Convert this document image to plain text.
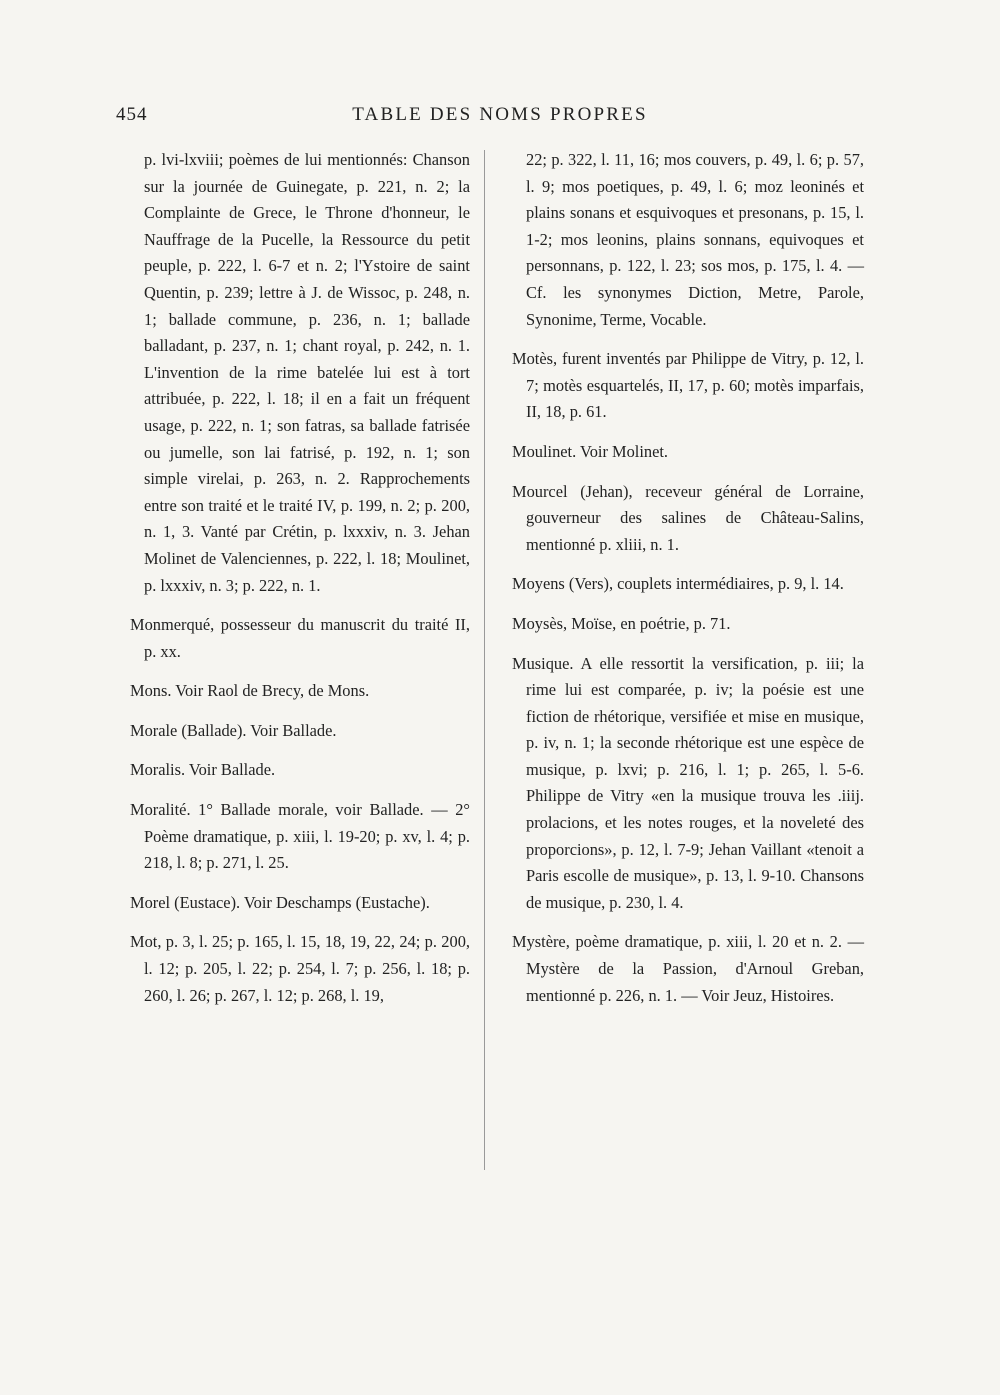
454	TABLE DES NOMS PROPRES

p. lvi-lxviii; poèmes de lui mentionnés: Chanson sur la journée de Guinegate, p. 221, n. 2; la Complainte de Grece, le Throne d'honneur, le Nauffrage de la Pucelle, la Ressource du petit peuple, p. 222, l. 6-7 et n. 2; l'Ystoire de saint Quentin, p. 239; lettre à J. de Wissoc, p. 248, n. 1; ballade commune, p. 236, n. 1; ballade balladant, p. 237, n. 1; chant royal, p. 242, n. 1. L'invention de la rime batelée lui est à tort attribuée, p. 222, l. 18; il en a fait un fréquent usage, p. 222, n. 1; son fatras, sa ballade fatrisée ou jumelle, son lai fatrisé, p. 192, n. 1; son simple virelai, p. 263, n. 2. Rapprochements entre son traité et le traité IV, p. 199, n. 2; p. 200, n. 1, 3. Vanté par Crétin, p. lxxxiv, n. 3. Jehan Molinet de Valenciennes, p. 222, l. 18; Moulinet, p. lxxxiv, n. 3; p. 222, n. 1.

Monmerqué, possesseur du manuscrit du traité II, p. xx.

Mons. Voir Raol de Brecy, de Mons.

Morale (Ballade). Voir Ballade.

Moralis. Voir Ballade.

Moralité. 1° Ballade morale, voir Ballade. — 2° Poème dramatique, p. xiii, l. 19-20; p. xv, l. 4; p. 218, l. 8; p. 271, l. 25.

Morel (Eustace). Voir Deschamps (Eustache).

Mot, p. 3, l. 25; p. 165, l. 15, 18, 19, 22, 24; p. 200, l. 12; p. 205, l. 22; p. 254, l. 7; p. 256, l. 18; p. 260, l. 26; p. 267, l. 12; p. 268, l. 19,

22; p. 322, l. 11, 16; mos couvers, p. 49, l. 6; p. 57, l. 9; mos poetiques, p. 49, l. 6; moz leoninés et plains sonans et esquivoques et presonans, p. 15, l. 1-2; mos leonins, plains sonnans, equivoques et personnans, p. 122, l. 23; sos mos, p. 175, l. 4. — Cf. les synonymes Diction, Metre, Parole, Synonime, Terme, Vocable.

Motès, furent inventés par Philippe de Vitry, p. 12, l. 7; motès esquartelés, II, 17, p. 60; motès imparfais, II, 18, p. 61.

Moulinet. Voir Molinet.

Mourcel (Jehan), receveur général de Lorraine, gouverneur des salines de Château-Salins, mentionné p. xliii, n. 1.

Moyens (Vers), couplets intermédiaires, p. 9, l. 14.

Moysès, Moïse, en poétrie, p. 71.

Musique. A elle ressortit la versification, p. iii; la rime lui est comparée, p. iv; la poésie est une fiction de rhétorique, versifiée et mise en musique, p. iv, n. 1; la seconde rhétorique est une espèce de musique, p. lxvi; p. 216, l. 1; p. 265, l. 5-6. Philippe de Vitry «en la musique trouva les .iiij. prolacions, et les notes rouges, et la noveleté des proporcions», p. 12, l. 7-9; Jehan Vaillant «tenoit a Paris escolle de musique», p. 13, l. 9-10. Chansons de musique, p. 230, l. 4.

Mystère, poème dramatique, p. xiii, l. 20 et n. 2. — Mystère de la Passion, d'Arnoul Greban, mentionné p. 226, n. 1. — Voir Jeuz, Histoires.
